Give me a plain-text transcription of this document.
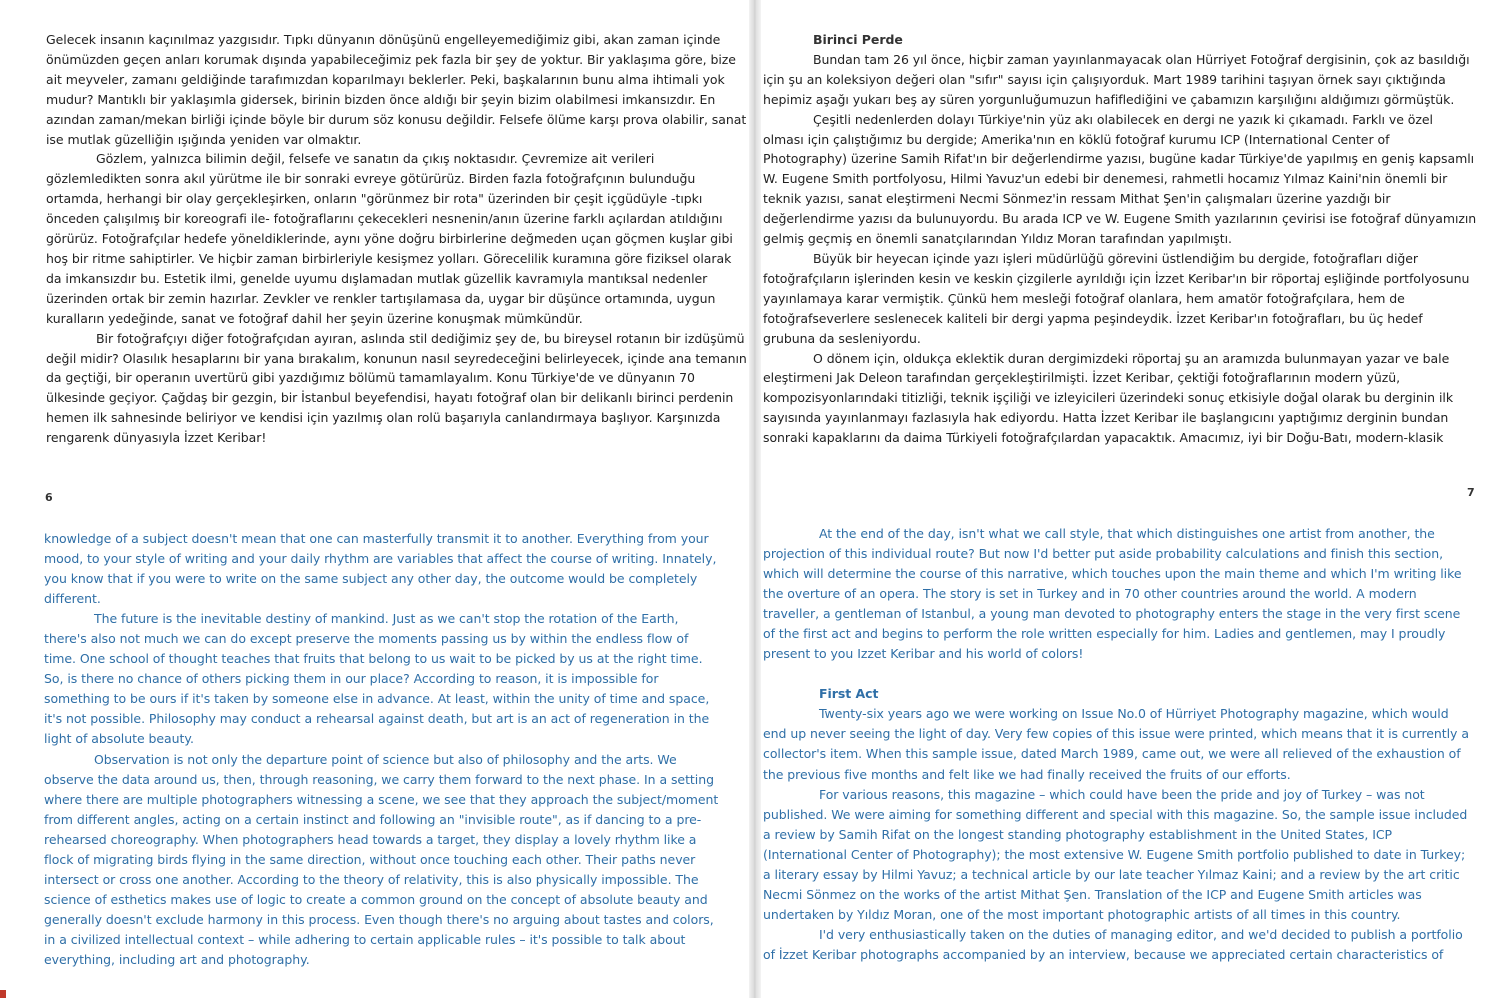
Gelecek insanın kaçınılmaz yazgısıdır. Tıpkı dünyanın dönüşünü engelleyemediğimiz gibi, akan zaman içinde önümüzden geçen anları korumak dışında yapabileceğimiz pek fazla bir şey de yoktur. Bir yaklaşıma göre, bize ait meyveler, zamanı geldiğinde tarafımızdan koparılmayı beklerler. Peki, başkalarının bunu alma ihtimali yok mudur? Mantıklı bir yaklaşımla gidersek, birinin bizden önce aldığı bir şeyin bizim olabilmesi imkansızdır. En azından zaman/mekan birliği içinde böyle bir durum söz konusu değildir. Felsefe ölüme karşı prova olabilir, sanat ise mutlak güzelliğin ışığında yeniden var olmaktır.

Gözlem, yalnızca bilimin değil, felsefe ve sanatın da çıkış noktasıdır. Çevremize ait verileri gözlemledikten sonra akıl yürütme ile bir sonraki evreye götürürüz. Birden fazla fotoğrafçının bulunduğu ortamda, herhangi bir olay gerçekleşirken, onların "görünmez bir rota" üzerinden bir çeşit içgüdüyle -tıpkı önceden çalışılmış bir koreografi ile- fotoğraflarını çekecekleri nesnenin/anın üzerine farklı açılardan atıldığını görürüz. Fotoğrafçılar hedefe yöneldiklerinde, aynı yöne doğru birbirlerine değmeden uçan göçmen kuşlar gibi hoş bir ritme sahiptirler. Ve hiçbir zaman birbirleriyle kesişmez yolları. Görecelilik kuramına göre fiziksel olarak da imkansızdır bu. Estetik ilmi, genelde uyumu dışlamadan mutlak güzellik kavramıyla mantıksal nedenler üzerinden ortak bir zemin hazırlar. Zevkler ve renkler tartışılamasa da, uygar bir düşünce ortamında, uygun kuralların yedeğinde, sanat ve fotoğraf dahil her şeyin üzerine konuşmak mümkündür.

Bir fotoğrafçıyı diğer fotoğrafçıdan ayıran, aslında stil dediğimiz şey de, bu bireysel rotanın bir izdüşümü değil midir? Olasılık hesaplarını bir yana bırakalım, konunun nasıl seyredeceğini belirleyecek, içinde ana temanın da geçtiği, bir operanın uvertürü gibi yazdığımız bölümü tamamlayalım. Konu Türkiye'de ve dünyanın 70 ülkesinde geçiyor. Çağdaş bir gezgin, bir İstanbul beyefendisi, hayatı fotoğraf olan bir delikanlı birinci perdenin hemen ilk sahnesinde beliriyor ve kendisi için yazılmış olan rolü başarıyla canlandırmaya başlıyor. Karşınızda rengarenk dünyasıyla İzzet Keribar!

6

knowledge of a subject doesn't mean that one can masterfully transmit it to another. Everything from your mood, to your style of writing and your daily rhythm are variables that affect the course of writing. Innately, you know that if you were to write on the same subject any other day, the outcome would be completely different.

The future is the inevitable destiny of mankind. Just as we can't stop the rotation of the Earth, there's also not much we can do except preserve the moments passing us by within the endless flow of time. One school of thought teaches that fruits that belong to us wait to be picked by us at the right time. So, is there no chance of others picking them in our place? According to reason, it is impossible for something to be ours if it's taken by someone else in advance. At least, within the unity of time and space, it's not possible. Philosophy may conduct a rehearsal against death, but art is an act of regeneration in the light of absolute beauty.

Observation is not only the departure point of science but also of philosophy and the arts. We observe the data around us, then, through reasoning, we carry them forward to the next phase. In a setting where there are multiple photographers witnessing a scene, we see that they approach the subject/moment from different angles, acting on a certain instinct and following an "invisible route", as if dancing to a pre-rehearsed choreography. When photographers head towards a target, they display a lovely rhythm like a flock of migrating birds flying in the same direction, without once touching each other. Their paths never intersect or cross one another. According to the theory of relativity, this is also physically impossible. The science of esthetics makes use of logic to create a common ground on the concept of absolute beauty and generally doesn't exclude harmony in this process. Even though there's no arguing about tastes and colors, in a civilized intellectual context – while adhering to certain applicable rules – it's possible to talk about everything, including art and photography.

Birinci Perde

Bundan tam 26 yıl önce, hiçbir zaman yayınlanmayacak olan Hürriyet Fotoğraf dergisinin, çok az basıldığı için şu an koleksiyon değeri olan "sıfır" sayısı için çalışıyorduk. Mart 1989 tarihini taşıyan örnek sayı çıktığında hepimiz aşağı yukarı beş ay süren yorgunluğumuzun hafiflediğini ve çabamızın karşılığını aldığımızı görmüştük.

Çeşitli nedenlerden dolayı Türkiye'nin yüz akı olabilecek en dergi ne yazık ki çıkamadı. Farklı ve özel olması için çalıştığımız bu dergide; Amerika'nın en köklü fotoğraf kurumu ICP (International Center of Photography) üzerine Samih Rifat'ın bir değerlendirme yazısı, bugüne kadar Türkiye'de yapılmış en geniş kapsamlı W. Eugene Smith portfolyosu, Hilmi Yavuz'un edebi bir denemesi, rahmetli hocamız Yılmaz Kaini'nin önemli bir teknik yazısı, sanat eleştirmeni Necmi Sönmez'in ressam Mithat Şen'in çalışmaları üzerine yazdığı bir değerlendirme yazısı da bulunuyordu. Bu arada ICP ve W. Eugene Smith yazılarının çevirisi ise fotoğraf dünyamızın gelmiş geçmiş en önemli sanatçılarından Yıldız Moran tarafından yapılmıştı.

Büyük bir heyecan içinde yazı işleri müdürlüğü görevini üstlendiğim bu dergide, fotoğrafları diğer fotoğrafçıların işlerinden kesin ve keskin çizgilerle ayrıldığı için İzzet Keribar'ın bir röportaj eşliğinde portfolyosunu yayınlamaya karar vermiştik. Çünkü hem mesleği fotoğraf olanlara, hem amatör fotoğrafçılara, hem de fotoğrafseverlere seslenecek kaliteli bir dergi yapma peşindeydik. İzzet Keribar'ın fotoğrafları, bu üç hedef grubuna da sesleniyordu.

O dönem için, oldukça eklektik duran dergimizdeki röportaj şu an aramızda bulunmayan yazar ve bale eleştirmeni Jak Deleon tarafından gerçekleştirilmişti. İzzet Keribar, çektiği fotoğraflarının modern yüzü, kompozisyonlarındaki titizliği, teknik işçiliği ve izleyicileri üzerindeki sonuç etkisiyle doğal olarak bu derginin ilk sayısında yayınlanmayı fazlasıyla hak ediyordu. Hatta İzzet Keribar ile başlangıcını yaptığımız derginin bundan sonraki kapaklarını da daima Türkiyeli fotoğrafçılardan yapacaktık. Amacımız, iyi bir Doğu-Batı, modern-klasik

7

At the end of the day, isn't what we call style, that which distinguishes one artist from another, the projection of this individual route? But now I'd better put aside probability calculations and finish this section, which will determine the course of this narrative, which touches upon the main theme and which I'm writing like the overture of an opera. The story is set in Turkey and in 70 other countries around the world. A modern traveller, a gentleman of Istanbul, a young man devoted to photography enters the stage in the very first scene of the first act and begins to perform the role written especially for him. Ladies and gentlemen, may I proudly present to you Izzet Keribar and his world of colors!

First Act

Twenty-six years ago we were working on Issue No.0 of Hürriyet Photography magazine, which would end up never seeing the light of day. Very few copies of this issue were printed, which means that it is currently a collector's item. When this sample issue, dated March 1989, came out, we were all relieved of the exhaustion of the previous five months and felt like we had finally received the fruits of our efforts.

For various reasons, this magazine – which could have been the pride and joy of Turkey – was not published. We were aiming for something different and special with this magazine. So, the sample issue included a review by Samih Rifat on the longest standing photography establishment in the United States, ICP (International Center of Photography); the most extensive W. Eugene Smith portfolio published to date in Turkey; a literary essay by Hilmi Yavuz; a technical article by our late teacher Yılmaz Kaini; and a review by the art critic Necmi Sönmez on the works of the artist Mithat Şen. Translation of the ICP and Eugene Smith articles was undertaken by Yıldız Moran, one of the most important photographic artists of all times in this country.

I'd very enthusiastically taken on the duties of managing editor, and we'd decided to publish a portfolio of İzzet Keribar photographs accompanied by an interview, because we appreciated certain characteristics of
